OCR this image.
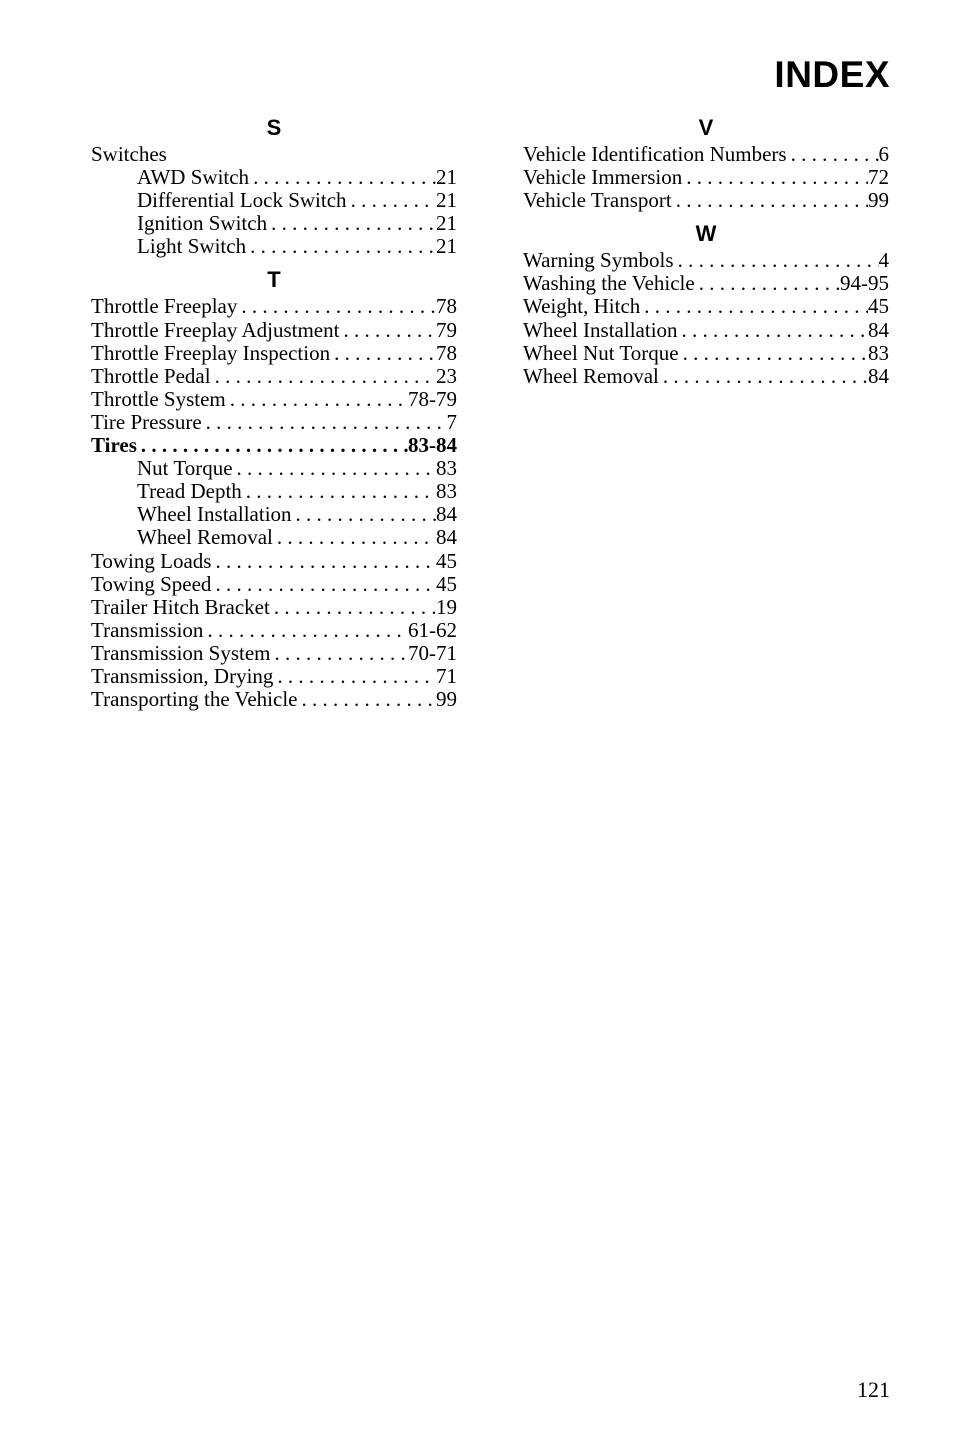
INDEX
S
Switches
AWD Switch . . .	21
Differential Lock Switch . . .	21
Ignition Switch . . .	21
Light Switch . . .	21
T
Throttle Freeplay . . .	78
Throttle Freeplay Adjustment . . .	79
Throttle Freeplay Inspection . . .	78
Throttle Pedal . . .	23
Throttle System . . .	78-79
Tire Pressure . . .	7
Tires . . .	83-84
Nut Torque . . .	83
Tread Depth . . .	83
Wheel Installation . . .	84
Wheel Removal . . .	84
Towing Loads . . .	45
Towing Speed . . .	45
Trailer Hitch Bracket . . .	19
Transmission . . .	61-62
Transmission System . . .	70-71
Transmission, Drying . . .	71
Transporting the Vehicle . . .	99
V
Vehicle Identification Numbers . . .	6
Vehicle Immersion . . .	72
Vehicle Transport . . .	99
W
Warning Symbols . . .	4
Washing the Vehicle . . .	94-95
Weight, Hitch . . .	45
Wheel Installation . . .	84
Wheel Nut Torque . . .	83
Wheel Removal . . .	84
121
